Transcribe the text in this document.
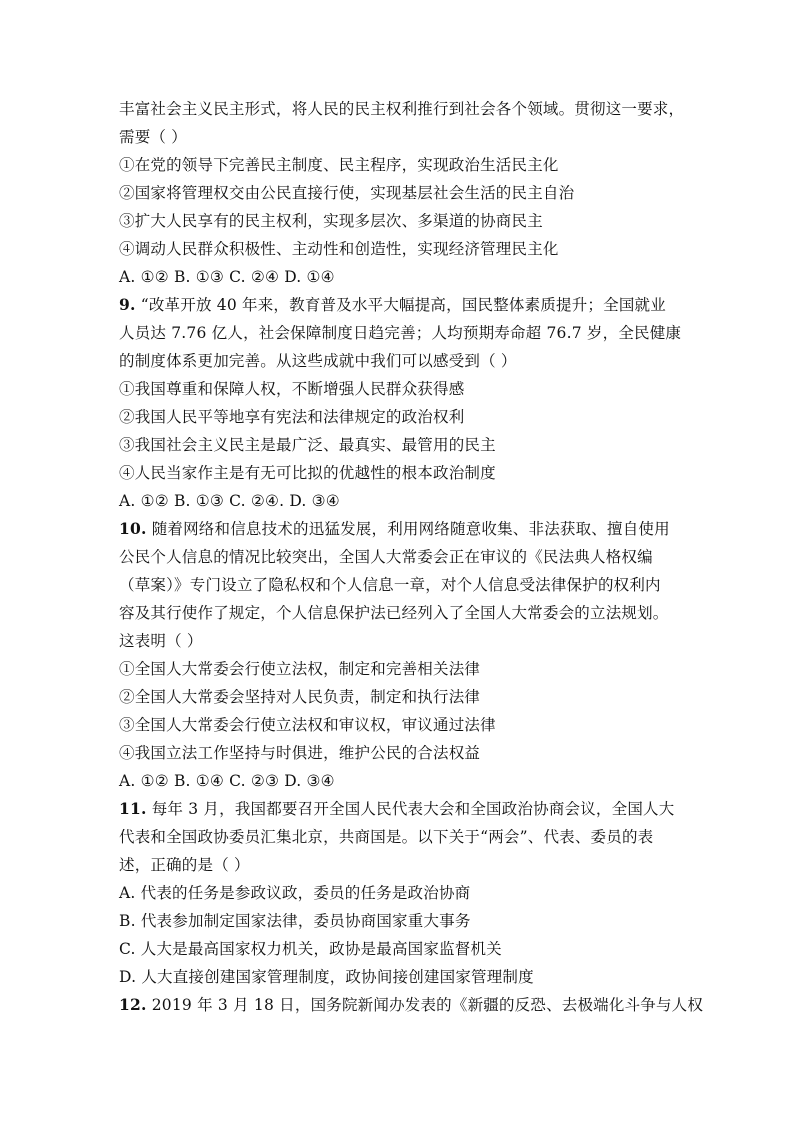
丰富社会主义民主形式，将人民的民主权利推行到社会各个领域。贯彻这一要求，
需要（ ）
①在党的领导下完善民主制度、民主程序，实现政治生活民主化
②国家将管理权交由公民直接行使，实现基层社会生活的民主自治
③扩大人民享有的民主权利，实现多层次、多渠道的协商民主
④调动人民群众积极性、主动性和创造性，实现经济管理民主化
A. ①② B. ①③ C. ②④ D. ①④
9. “改革开放 40 年来，教育普及水平大幅提高，国民整体素质提升；全国就业
人员达 7.76 亿人，社会保障制度日趋完善；人均预期寿命超 76.7 岁，全民健康
的制度体系更加完善。从这些成就中我们可以感受到（ ）
①我国尊重和保障人权，不断增强人民群众获得感
②我国人民平等地享有宪法和法律规定的政治权利
③我国社会主义民主是最广泛、最真实、最管用的民主
④人民当家作主是有无可比拟的优越性的根本政治制度
A. ①② B. ①③ C. ②④. D. ③④
10. 随着网络和信息技术的迅猛发展，利用网络随意收集、非法获取、擅自使用
公民个人信息的情况比较突出，全国人大常委会正在审议的《民法典人格权编
（草案）》专门设立了隐私权和个人信息一章，对个人信息受法律保护的权利内
容及其行使作了规定，个人信息保护法已经列入了全国人大常委会的立法规划。
这表明（ ）
①全国人大常委会行使立法权，制定和完善相关法律
②全国人大常委会坚持对人民负责，制定和执行法律
③全国人大常委会行使立法权和审议权，审议通过法律
④我国立法工作坚持与时俱进，维护公民的合法权益
A. ①② B. ①④ C. ②③ D. ③④
11. 每年 3 月，我国都要召开全国人民代表大会和全国政治协商会议，全国人大
代表和全国政协委员汇集北京，共商国是。以下关于“两会”、代表、委员的表
述，正确的是（ ）
A. 代表的任务是参政议政，委员的任务是政治协商
B. 代表参加制定国家法律，委员协商国家重大事务
C. 人大是最高国家权力机关，政协是最高国家监督机关
D. 人大直接创建国家管理制度，政协间接创建国家管理制度
12. 2019 年 3 月 18 日，国务院新闻办发表的《新疆的反恐、去极端化斗争与人权
